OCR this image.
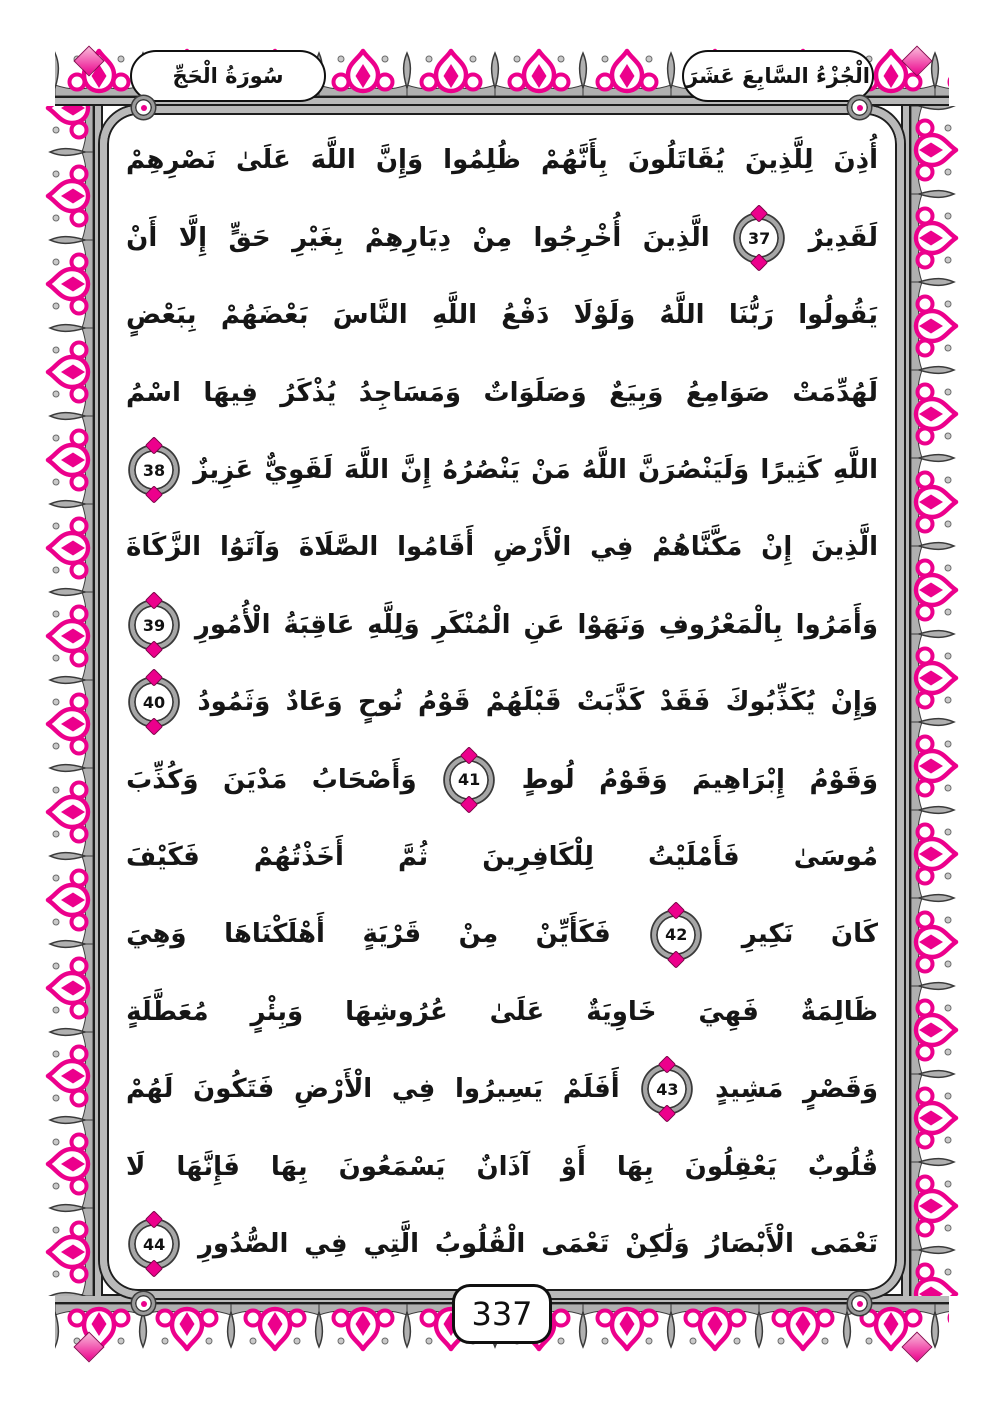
سُورَةُ الْحَجِّ	الْجُزْءُ السَّابِعَ عَشَرَ
أُذِنَ
لِلَّذِينَ
يُقَاتَلُونَ
بِأَنَّهُمْ
ظُلِمُوا
وَإِنَّ
اللَّهَ
عَلَىٰ
نَصْرِهِمْ
لَقَدِيرٌ
37
الَّذِينَ
أُخْرِجُوا
مِنْ
دِيَارِهِمْ
بِغَيْرِ
حَقٍّ
إِلَّا
أَنْ
يَقُولُوا
رَبُّنَا
اللَّهُ
وَلَوْلَا
دَفْعُ
اللَّهِ
النَّاسَ
بَعْضَهُمْ
بِبَعْضٍ
لَهُدِّمَتْ
صَوَامِعُ
وَبِيَعٌ
وَصَلَوَاتٌ
وَمَسَاجِدُ
يُذْكَرُ
فِيهَا
اسْمُ
اللَّهِ
كَثِيرًا
وَلَيَنْصُرَنَّ
اللَّهُ
مَنْ
يَنْصُرُهُ
إِنَّ
اللَّهَ
لَقَوِيٌّ
عَزِيزٌ
38
الَّذِينَ
إِنْ
مَكَّنَّاهُمْ
فِي
الْأَرْضِ
أَقَامُوا
الصَّلَاةَ
وَآتَوُا
الزَّكَاةَ
وَأَمَرُوا
بِالْمَعْرُوفِ
وَنَهَوْا
عَنِ
الْمُنْكَرِ
وَلِلَّهِ
عَاقِبَةُ
الْأُمُورِ
39
وَإِنْ
يُكَذِّبُوكَ
فَقَدْ
كَذَّبَتْ
قَبْلَهُمْ
قَوْمُ
نُوحٍ
وَعَادٌ
وَثَمُودُ
40
وَقَوْمُ
إِبْرَاهِيمَ
وَقَوْمُ
لُوطٍ
41
وَأَصْحَابُ
مَدْيَنَ
وَكُذِّبَ
مُوسَىٰ
فَأَمْلَيْتُ
لِلْكَافِرِينَ
ثُمَّ
أَخَذْتُهُمْ
فَكَيْفَ
كَانَ
نَكِيرِ
42
فَكَأَيِّنْ
مِنْ
قَرْيَةٍ
أَهْلَكْنَاهَا
وَهِيَ
ظَالِمَةٌ
فَهِيَ
خَاوِيَةٌ
عَلَىٰ
عُرُوشِهَا
وَبِئْرٍ
مُعَطَّلَةٍ
وَقَصْرٍ
مَشِيدٍ
43
أَفَلَمْ
يَسِيرُوا
فِي
الْأَرْضِ
فَتَكُونَ
لَهُمْ
قُلُوبٌ
يَعْقِلُونَ
بِهَا
أَوْ
آذَانٌ
يَسْمَعُونَ
بِهَا
فَإِنَّهَا
لَا
تَعْمَى
الْأَبْصَارُ
وَلَٰكِنْ
تَعْمَى
الْقُلُوبُ
الَّتِي
فِي
الصُّدُورِ
44
337
